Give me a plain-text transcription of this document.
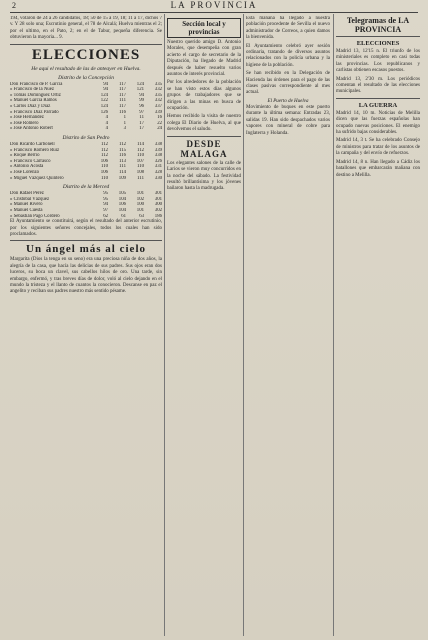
2	LA PROVINCIA

194, votaron de 24 á 26 candidatos, 18; 50 de 15 á 19, 18; 11 á 17, dichos 7 v. Y 28 solo una; Escrutinio general, el 78 de Alcalá; Huelva mientras el 2; por el ultimo, en el Pato, 2; en el de Tabur, pequeña diferencia. Se obtuvieron la mayoria... 9.

ELECCIONES
He aqui el resultado de las de anteayer en Huelva.
Distrito de la Concepción
Don Francisco de P. García	94	117	124	335
» Francisco de la Nuez	94	117	121	332
» Tomás Dominguez Ortiz	124	117	94	335
» Manuel García Ramos	122	111	99	332
» Carlos Díaz y Díaz	124	117	96	337
» Francisco Díaz Parrado	126	116	97	339
» José Hernández	4	1	11	16
» José Romero	4	1	17	22
» José Antonio Robert	4	3	17	24
Distrito de San Pedro
Don Ricardo Carbonell	112	112	114	338
» Francisco Romero Ruiz	112	115	112	339
» Roque Berrio	112	116	110	338
» Francisco Carrasco	106	113	107	326
» Antonio Acosta	110	111	110	331
» José Lorenzo	106	114	108	328
» Miguel Vázquez Quintero	110	109	111	330
Distrito de la Merced
Don Rafael Pérez	95	105	101	301
» Cristóbal Vázquez	95	104	102	301
» Manuel Rivero	94	106	100	300
» Manuel Cuesta	97	104	101	302
» Sebastián Pago Cordero	62	61	63	186

El Ayuntamiento se constituirá, según el resultado del anterior escrutinio, por los siguientes señores concejales, todos los cuales han sido proclamados.

Un ángel más al cielo

Margarita (Dios la tenga en su seno) era una preciosa niña de dos años, la alegría de la casa, que hacía las delicias de sus padres. Sus ojos eran dos luceros, su boca un clavel, sus cabellos hilos de oro. Una tarde, sin embargo, enfermó, y tras breves días de dolor, voló al cielo dejando en el mundo la tristeza y el llanto de cuantos la conocieron. Descanse en paz el angelito y reciban sus padres nuestro más sentido pésame.

Sección local y provincias

Nuestro querido amigo D. Antonio Morales, que desempeña con gran acierto el cargo de secretario de la Diputación, ha llegado de Madrid después de haber resuelto varios asuntos de interés provincial.

Por los alrededores de la población se han visto estos días algunos grupos de trabajadores que se dirigen a las minas en busca de ocupación.

Hemos recibido la visita de nuestro colega El Diario de Huelva, al que devolvemos el saludo.

DESDE MALAGA

Los elegantes salones de la calle de Larios se vieron muy concurridos en la noche del sábado. La festividad resultó brillantísima y los jóvenes bailaron hasta la madrugada.

Esta mañana ha llegado a nuestra población procedente de Sevilla el nuevo administrador de Correos, a quien damos la bienvenida.

El Ayuntamiento celebró ayer sesión ordinaria, tratando de diversos asuntos relacionados con la policía urbana y la higiene de la población.

Se han recibido en la Delegación de Hacienda las órdenes para el pago de las clases pasivas correspondiente al mes actual.

El Puerto de Huelva

Movimiento de buques en este puerto durante la última semana: Entradas 23, salidas 19. Han sido despachados varios vapores con mineral de cobre para Inglaterra y Holanda.

Telegramas de LA PROVINCIA
ELECCIONES

Madrid 13, 12'15 n. El triunfo de los ministeriales es completo en casi todas las provincias. Los republicanos y carlistas obtienen escasos puestos.

Madrid 13, 2'30 m. Los periódicos comentan el resultado de las elecciones municipales.

LA GUERRA

Madrid 14, 10 m. Noticias de Melilla dicen que las fuerzas españolas han ocupado nuevas posiciones. El enemigo ha sufrido bajas considerables.

Madrid 14, 3 t. Se ha celebrado Consejo de ministros para tratar de los asuntos de la campaña y del envío de refuerzos.

Madrid 14, 8 n. Han llegado a Cádiz los batallones que embarcarán mañana con destino a Melilla.
